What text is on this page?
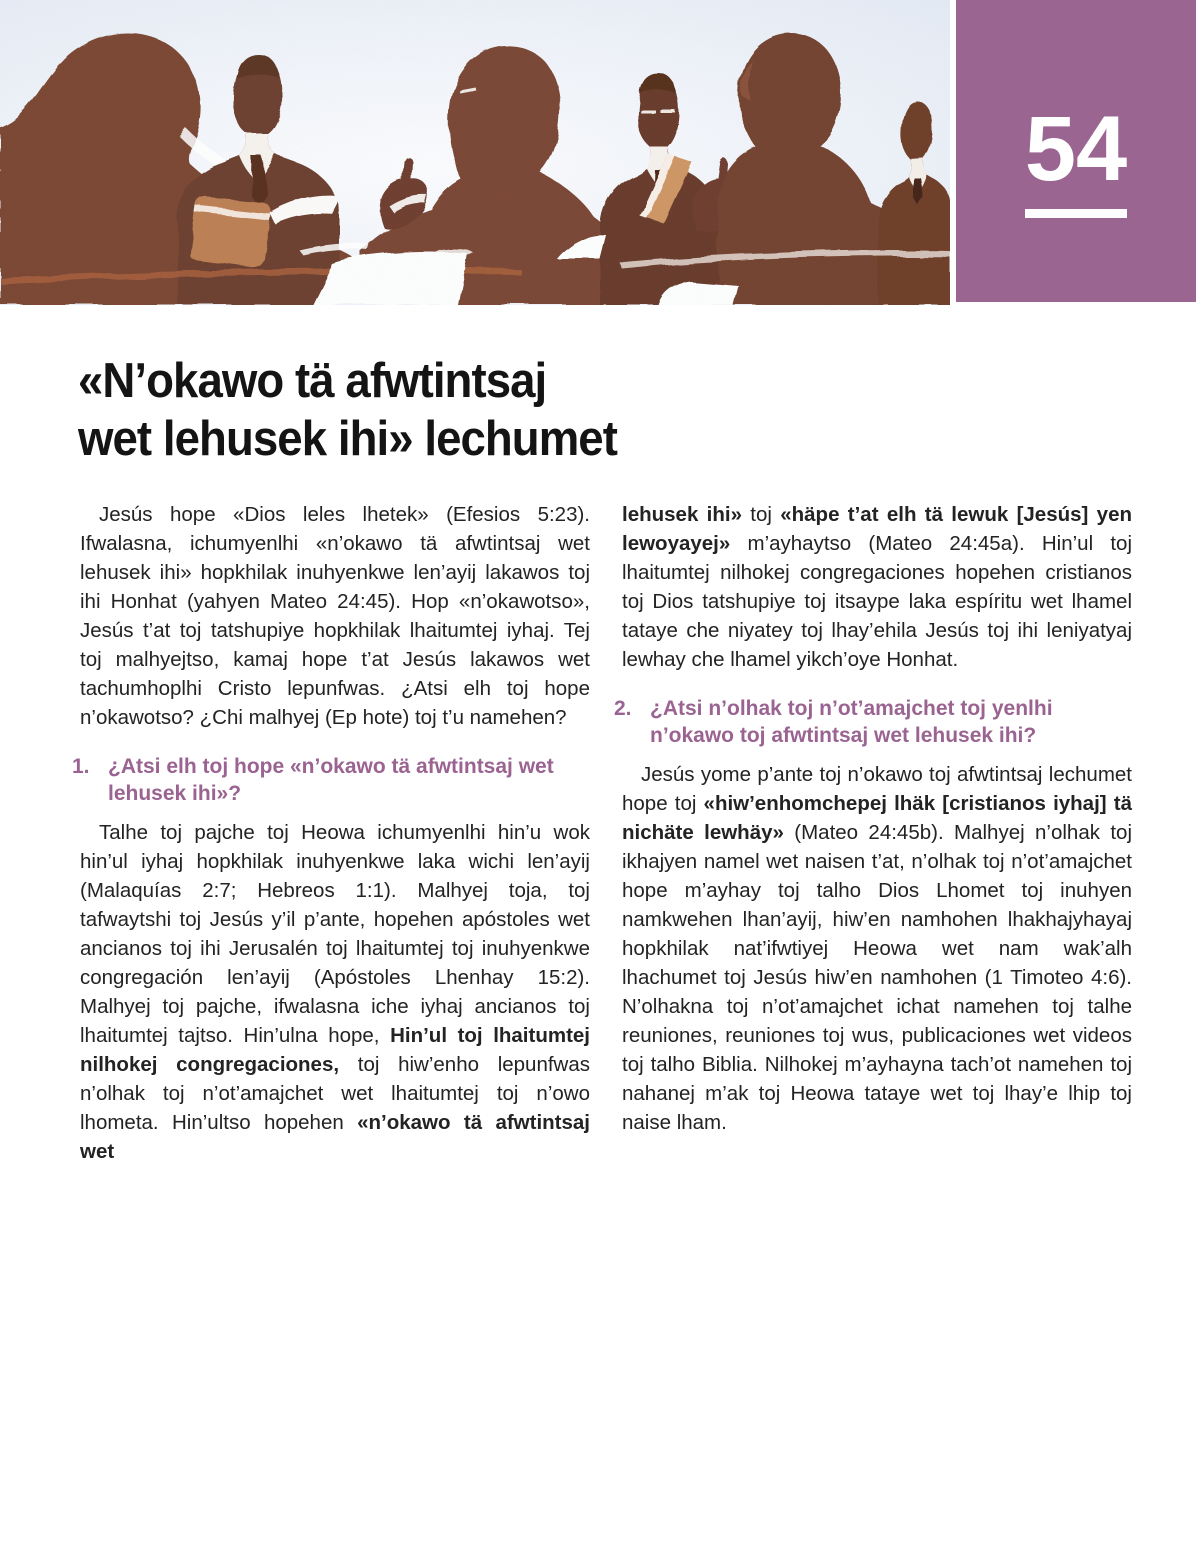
54
«N’okawo tä afwtintsaj
wet lehusek ihi» lechumet

Jesús hope «Dios leles lhetek» (Efesios 5:23). Ifwalasna, ichumyenlhi «n’okawo tä afwtintsaj wet lehusek ihi» hopkhilak inuhyenkwe len’ayij lakawos toj ihi Honhat (yahyen Mateo 24:45). Hop «n’okawotso», Jesús t’at toj tatshupiye hopkhilak lhaitumtej iyhaj. Tej toj malhyejtso, kamaj hope t’at Jesús lakawos wet tachumhoplhi Cristo lepunfwas. ¿Atsi elh toj hope n’okawotso? ¿Chi malhyej (Ep hote) toj t’u namehen?

1. ¿Atsi elh toj hope «n’okawo tä afwtintsaj wet lehusek ihi»?

Talhe toj pajche toj Heowa ichumyenlhi hin’u wok hin’ul iyhaj hopkhilak inuhyenkwe laka wichi len’ayij (Malaquías 2:7; Hebreos 1:1). Malhyej toja, toj tafwaytshi toj Jesús y’il p’ante, hopehen apóstoles wet ancianos toj ihi Jerusalén toj lhaitumtej toj inuhyenkwe congregación len’ayij (Apóstoles Lhenhay 15:2). Malhyej toj pajche, ifwalasna iche iyhaj ancianos toj lhaitumtej tajtso. Hin’ulna hope, Hin’ul toj lhaitumtej nilhokej congregaciones, toj hiw’enho lepunfwas n’olhak toj n’ot’amajchet wet lhaitumtej toj n’owo lhometa. Hin’ultso hopehen «n’okawo tä afwtintsaj wet

lehusek ihi» toj «häpe t’at elh tä lewuk [Jesús] yen lewoyayej» m’ayhaytso (Mateo 24:45a). Hin’ul toj lhaitumtej nilhokej congregaciones hopehen cristianos toj Dios tatshupiye toj itsaype laka espíritu wet lhamel tataye che niyatey toj lhay’ehila Jesús toj ihi leniyatyaj lewhay che lhamel yikch’oye Honhat.

2. ¿Atsi n’olhak toj n’ot’amajchet toj yenlhi n’okawo toj afwtintsaj wet lehusek ihi?

Jesús yome p’ante toj n’okawo toj afwtintsaj lechumet hope toj «hiw’enhomchepej lhäk [cristianos iyhaj] tä nichäte lewhäy» (Mateo 24:45b). Malhyej n’olhak toj ikhajyen namel wet naisen t’at, n’olhak toj n’ot’amajchet hope m’ayhay toj talho Dios Lhomet toj inuhyen namkwehen lhan’ayij, hiw’en namhohen lhakhajyhayaj hopkhilak nat’ifwtiyej Heowa wet nam wak’alh lhachumet toj Jesús hiw’en namhohen (1 Timoteo 4:6). N’olhakna toj n’ot’amajchet ichat namehen toj talhe reuniones, reuniones toj wus, publicaciones wet videos toj talho Biblia. Nilhokej m’ayhayna tach’ot namehen toj nahanej m’ak toj Heowa tataye wet toj lhay’e lhip toj naise lham.
